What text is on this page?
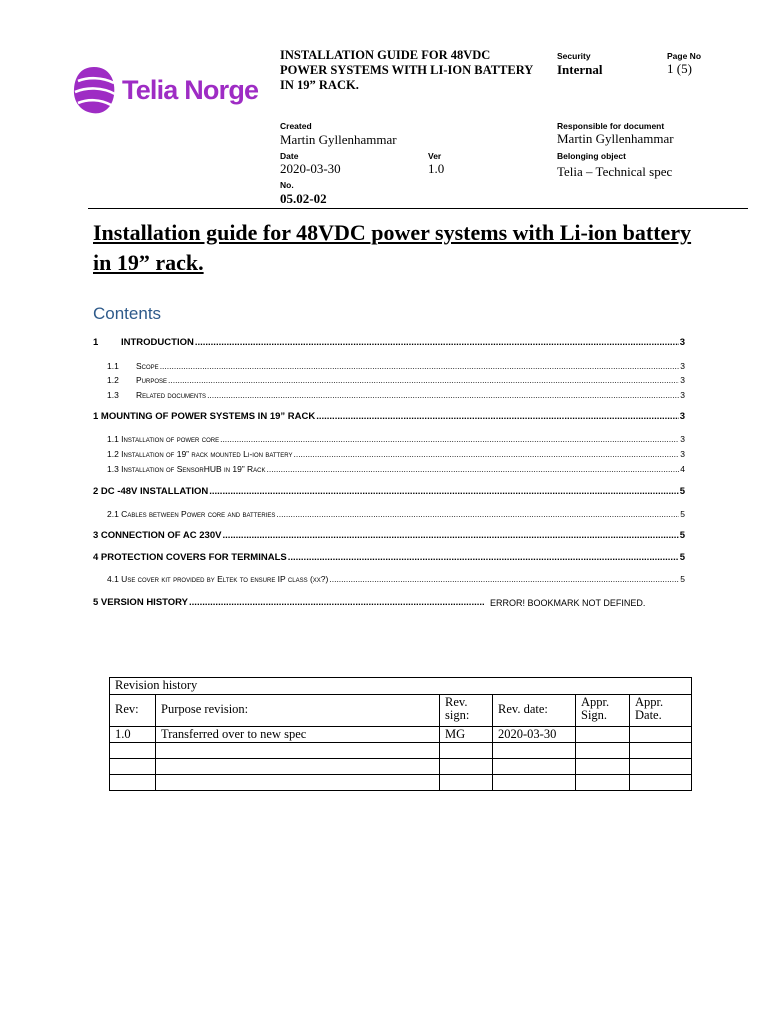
Telia Norge
INSTALLATION GUIDE FOR 48VDC POWER SYSTEMS WITH LI-ION BATTERY IN 19” RACK.
Security
Internal
Page No
1 (5)
Created
Martin Gyllenhammar
Responsible for document
Martin Gyllenhammar
Date
2020-03-30
Ver
1.0
Belonging object
Telia – Technical spec
No.
05.02-02
Installation guide for 48VDC power systems with Li-ion battery in 19” rack.
Contents
1	INTRODUCTION .....	3
1.1	Scope .....	3
1.2	Purpose .....	3
1.3	Related documents .....	3
1 MOUNTING OF POWER SYSTEMS IN 19” RACK .....	3
1.1 Installation of power core .....	3
1.2 Installation of 19” rack mounted Li-ion battery .....	3
1.3 Installation of SensorHUB in 19” Rack .....	4
2 DC -48V INSTALLATION .....	5
2.1 Cables between Power core and batteries .....	5
3 CONNECTION OF AC 230V .....	5
4 PROTECTION COVERS FOR TERMINALS .....	5
4.1 Use cover kit provided by Eltek to ensure IP class (xx?) .....	5
5 VERSION HISTORY .....	ERROR! BOOKMARK NOT DEFINED.
Revision history					
Rev:	Purpose revision:	Rev. sign:	Rev. date:	Appr. Sign.	Appr. Date.
1.0	Transferred over to new spec	MG	2020-03-30		
